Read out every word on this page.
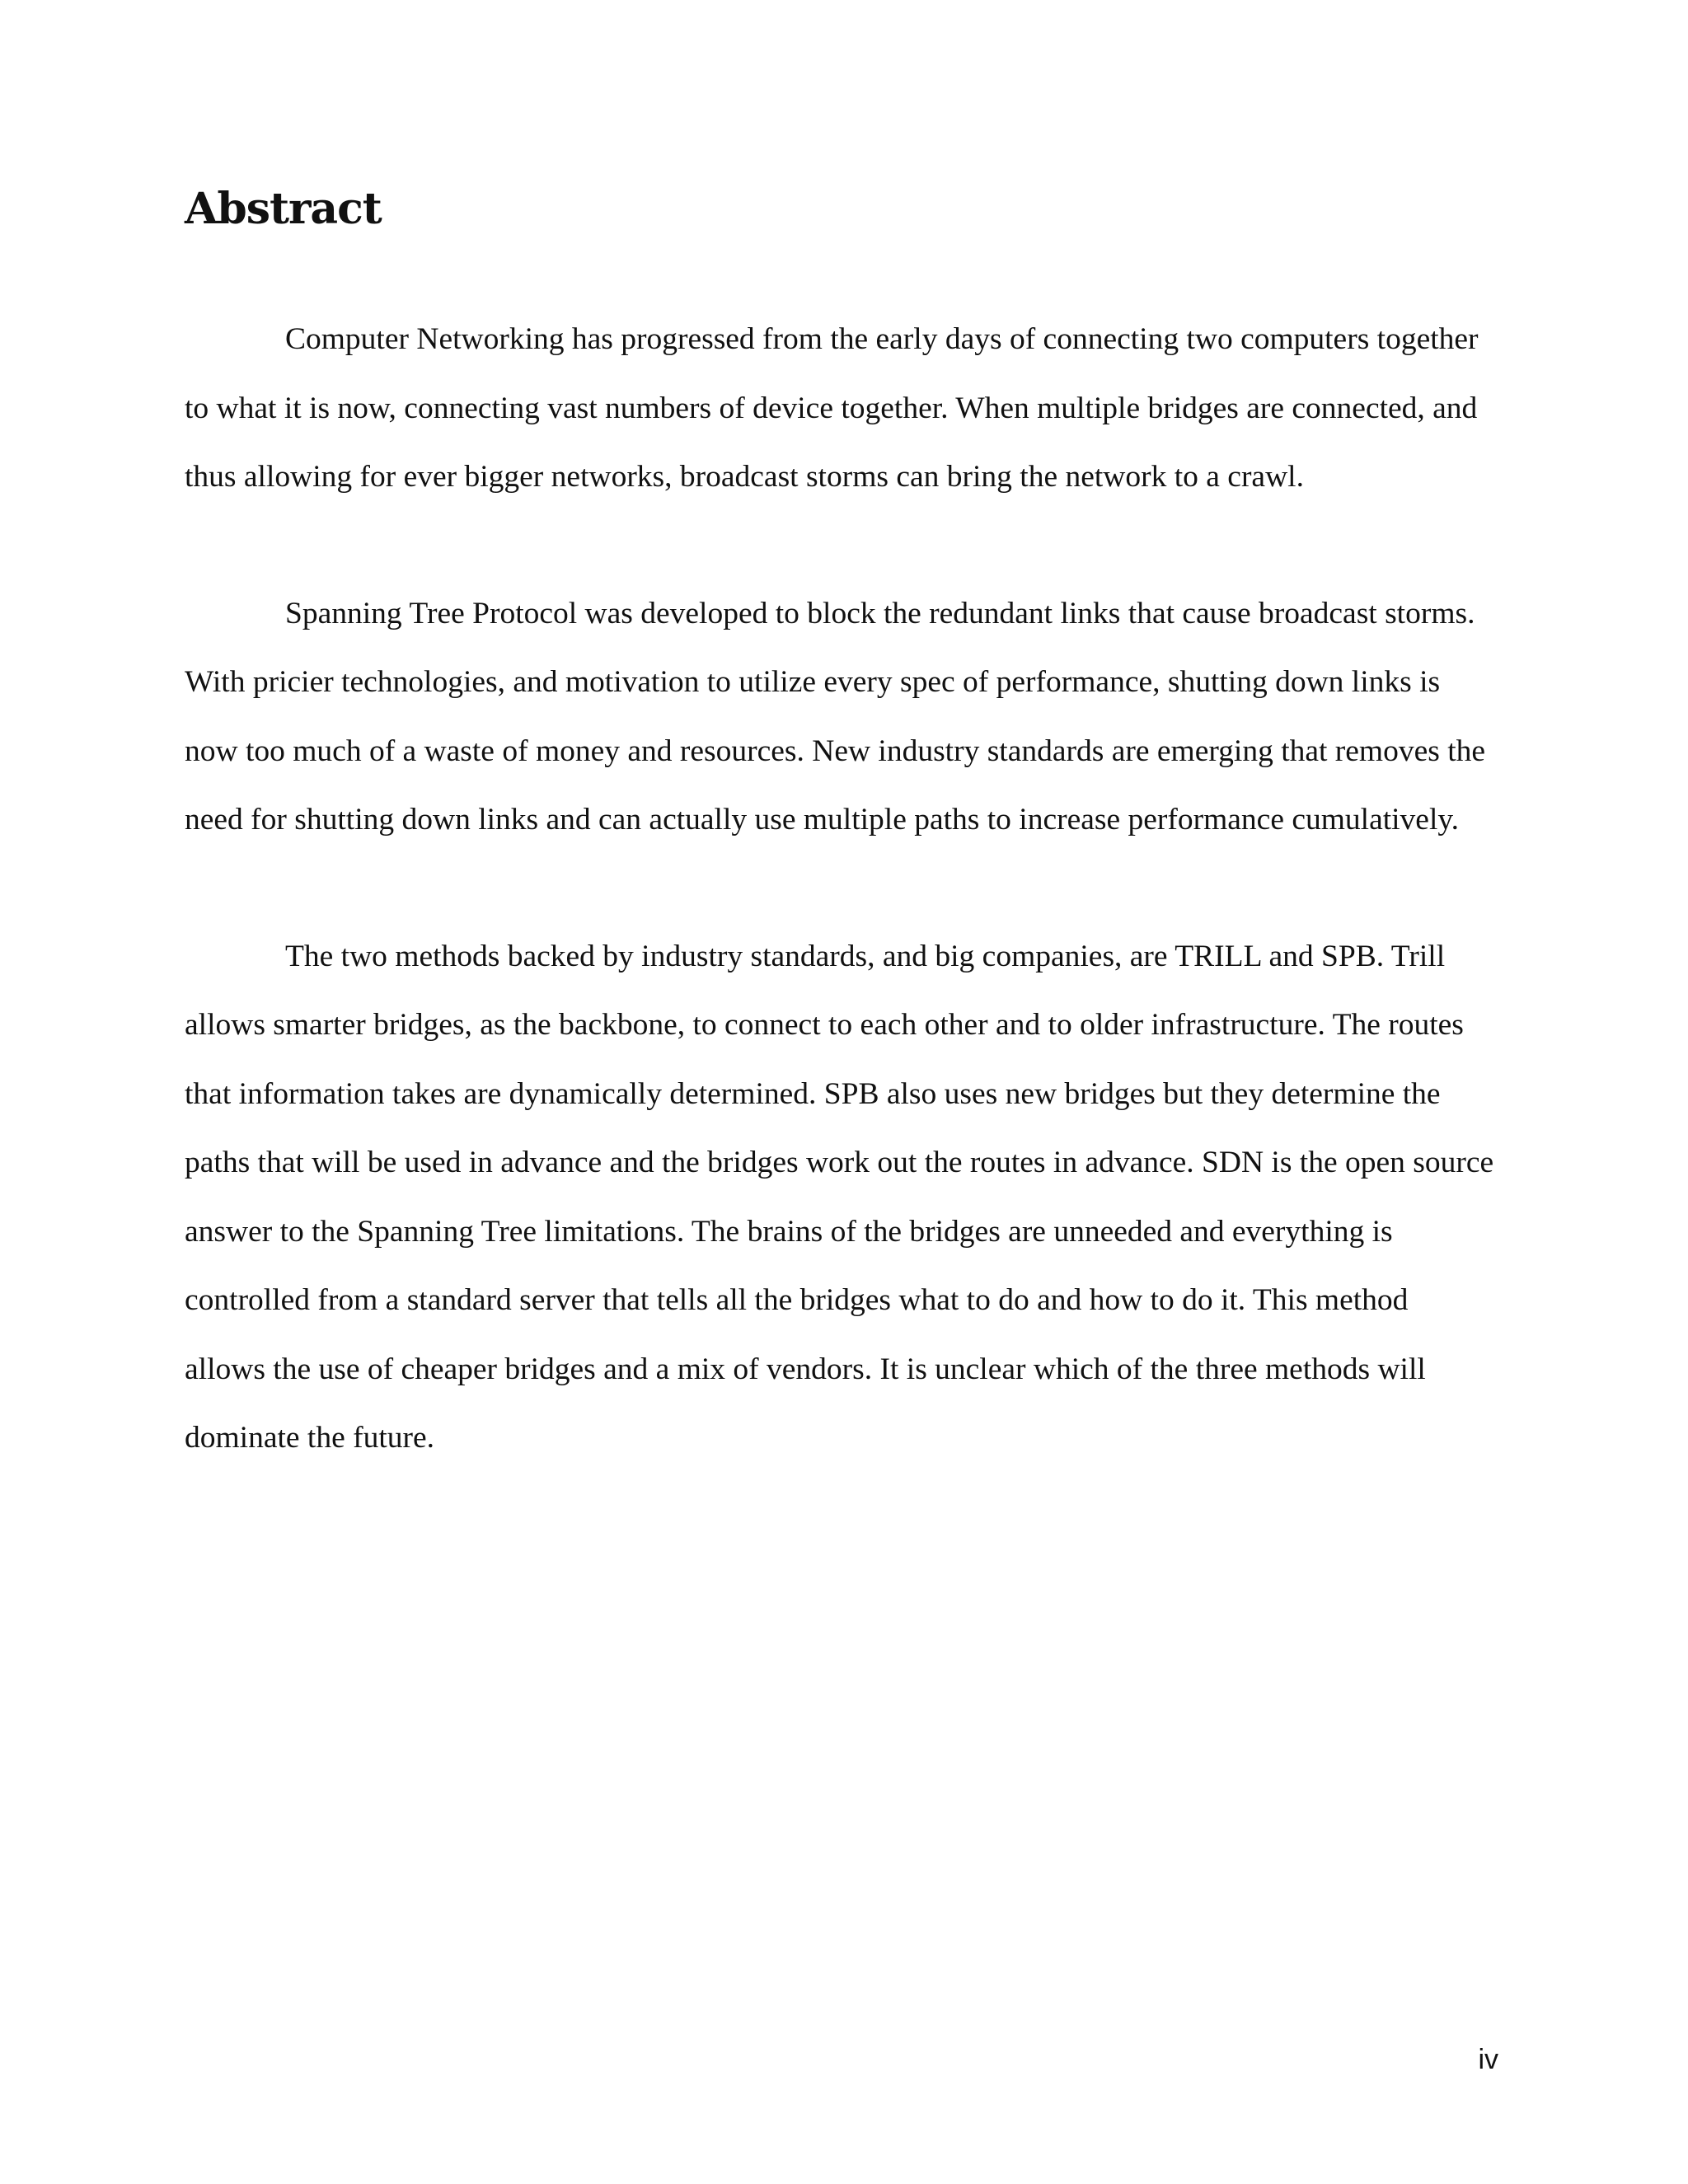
Abstract

Computer Networking has progressed from the early days of connecting two computers together to what it is now, connecting vast numbers of device together. When multiple bridges are connected, and thus allowing for ever bigger networks, broadcast storms can bring the network to a crawl.

Spanning Tree Protocol was developed to block the redundant links that cause broadcast storms. With pricier technologies, and motivation to utilize every spec of performance, shutting down links is now too much of a waste of money and resources. New industry standards are emerging that removes the need for shutting down links and can actually use multiple paths to increase performance cumulatively.

The two methods backed by industry standards, and big companies, are TRILL and SPB. Trill allows smarter bridges, as the backbone, to connect to each other and to older infrastructure. The routes that information takes are dynamically determined. SPB also uses new bridges but they determine the paths that will be used in advance and the bridges work out the routes in advance. SDN is the open source answer to the Spanning Tree limitations. The brains of the bridges are unneeded and everything is controlled from a standard server that tells all the bridges what to do and how to do it. This method allows the use of cheaper bridges and a mix of vendors. It is unclear which of the three methods will dominate the future.

iv
